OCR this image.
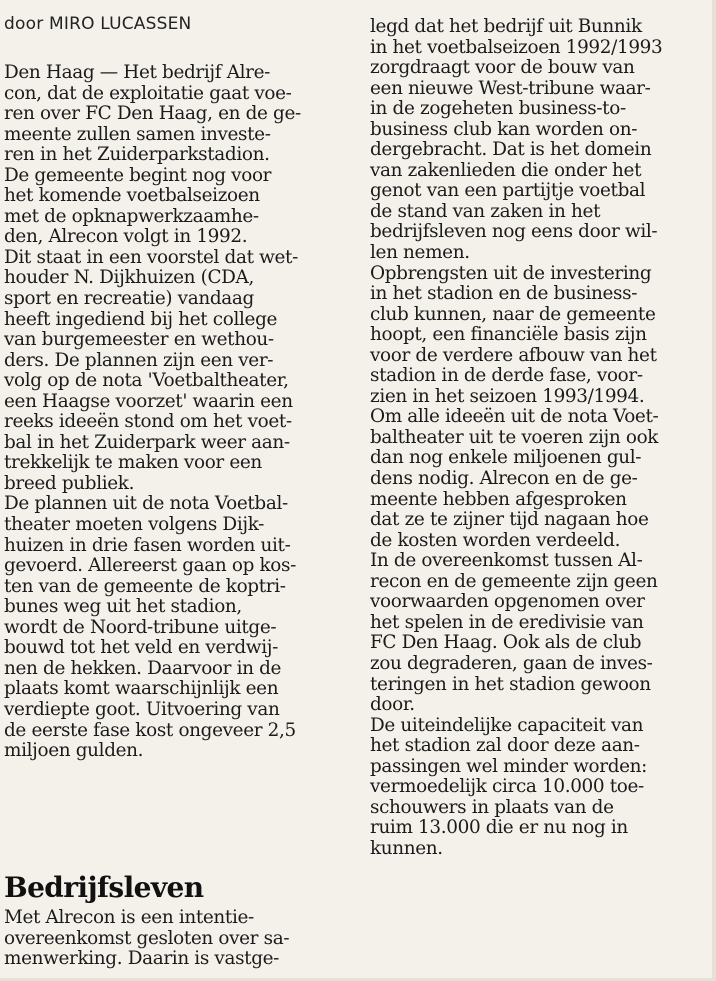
door MIRO LUCASSEN
Den Haag — Het bedrijf Alre-
con, dat de exploitatie gaat voe-
ren over FC Den Haag, en de ge-
meente zullen samen investe-
ren in het Zuiderparkstadion.
De gemeente begint nog voor
het komende voetbalseizoen
met de opknapwerkzaamhe-
den, Alrecon volgt in 1992.
Dit staat in een voorstel dat wet-
houder N. Dijkhuizen (CDA,
sport en recreatie) vandaag
heeft ingediend bij het college
van burgemeester en wethou-
ders. De plannen zijn een ver-
volg op de nota 'Voetbaltheater,
een Haagse voorzet' waarin een
reeks ideeën stond om het voet-
bal in het Zuiderpark weer aan-
trekkelijk te maken voor een
breed publiek.
De plannen uit de nota Voetbal-
theater moeten volgens Dijk-
huizen in drie fasen worden uit-
gevoerd. Allereerst gaan op kos-
ten van de gemeente de koptri-
bunes weg uit het stadion,
wordt de Noord-tribune uitge-
bouwd tot het veld en verdwij-
nen de hekken. Daarvoor in de
plaats komt waarschijnlijk een
verdiepte goot. Uitvoering van
de eerste fase kost ongeveer 2,5
miljoen gulden.
Bedrijfsleven
Met Alrecon is een intentie-
overeenkomst gesloten over sa-
menwerking. Daarin is vastge-
legd dat het bedrijf uit Bunnik
in het voetbalseizoen 1992/1993
zorgdraagt voor de bouw van
een nieuwe West-tribune waar-
in de zogeheten business-to-
business club kan worden on-
dergebracht. Dat is het domein
van zakenlieden die onder het
genot van een partijtje voetbal
de stand van zaken in het
bedrijfsleven nog eens door wil-
len nemen.
Opbrengsten uit de investering
in het stadion en de business-
club kunnen, naar de gemeente
hoopt, een financiële basis zijn
voor de verdere afbouw van het
stadion in de derde fase, voor-
zien in het seizoen 1993/1994.
Om alle ideeën uit de nota Voet-
baltheater uit te voeren zijn ook
dan nog enkele miljoenen gul-
dens nodig. Alrecon en de ge-
meente hebben afgesproken
dat ze te zijner tijd nagaan hoe
de kosten worden verdeeld.
In de overeenkomst tussen Al-
recon en de gemeente zijn geen
voorwaarden opgenomen over
het spelen in de eredivisie van
FC Den Haag. Ook als de club
zou degraderen, gaan de inves-
teringen in het stadion gewoon
door.
De uiteindelijke capaciteit van
het stadion zal door deze aan-
passingen wel minder worden:
vermoedelijk circa 10.000 toe-
schouwers in plaats van de
ruim 13.000 die er nu nog in
kunnen.
